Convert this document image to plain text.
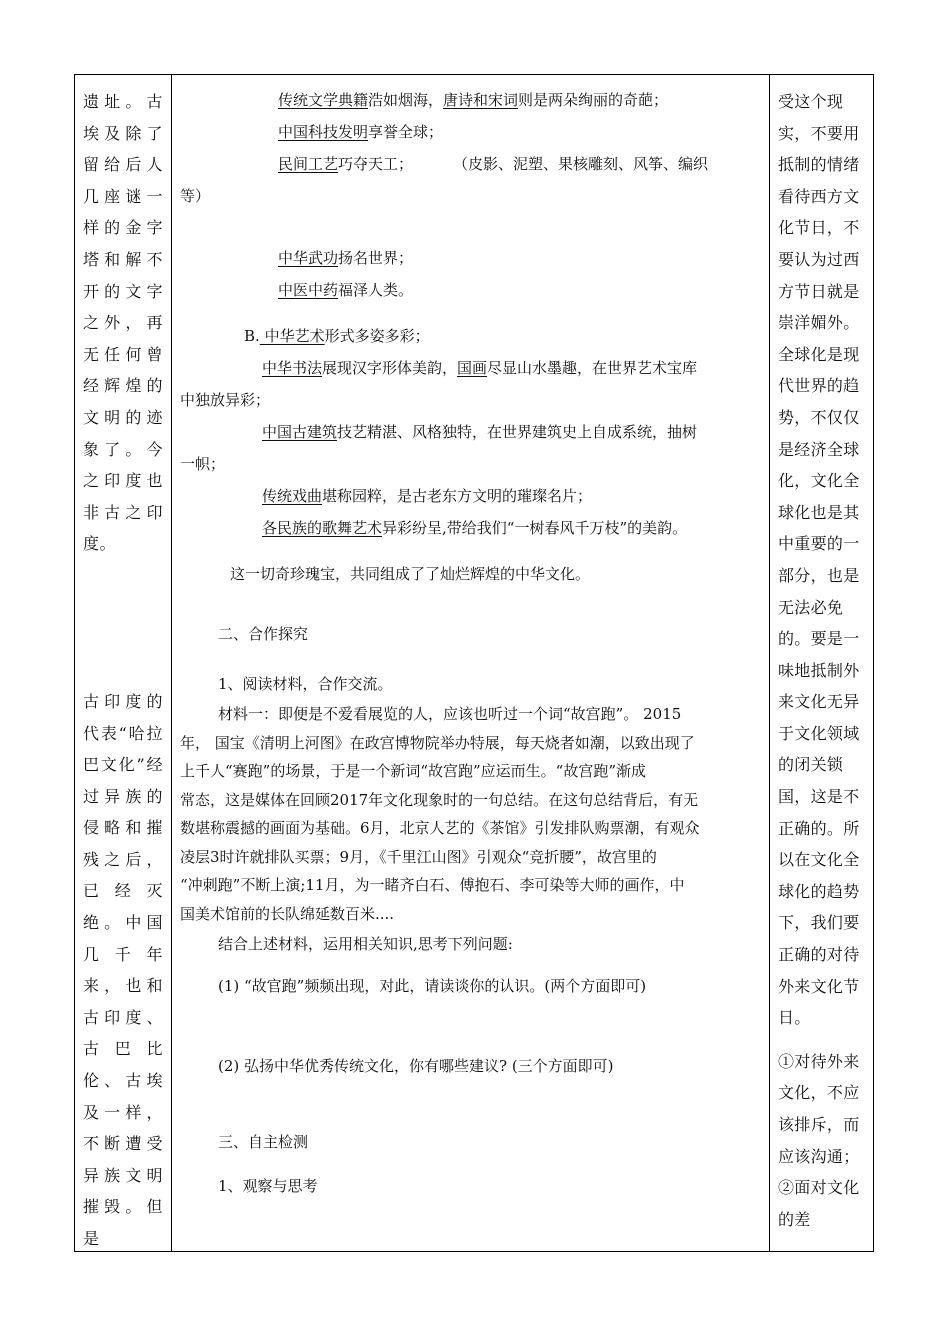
遗址。古埃及除了留给后人几座谜一样的金字塔和解不开的文字之外，再无任何曾经辉煌的文明的迹象了。今之印度也非古之印度。

古印度的代表“哈拉巴文化”经过异族的侵略和摧残之后，已经灭绝。中国几千年来，也和古印度、古巴比伦、古埃及一样，不断遭受异族文明摧毁。但是

传统文学典籍浩如烟海，唐诗和宋词则是两朵绚丽的奇葩；

中国科技发明享誉全球；

民间工艺巧夺天工；	（皮影、泥塑、果核雕刻、风筝、编织

等）

中华武功扬名世界；

中医中药福泽人类。

B. 中华艺术形式多姿多彩；

中华书法展现汉字形体美韵，国画尽显山水墨趣，在世界艺术宝库

中独放异彩；

中国古建筑技艺精湛、风格独特，在世界建筑史上自成系统，抽树

一帜；

传统戏曲堪称园粹，是古老东方文明的璀璨名片；

各民族的歌舞艺术异彩纷呈,带给我们“一树春风千万枝”的美韵。

这一切奇珍瑰宝，共同组成了了灿烂辉煌的中华文化。

二、合作探究

1、阅读材料，合作交流。

材料一：即便是不爱看展览的人，应该也听过一个词“故宫跑”。 2015

年， 国宝《清明上河图》在政宫博物院举办特展，每天烧者如潮，以致出现了

上千人“赛跑”的场景，于是一个新词“故宫跑”应运而生。“故宫跑”渐成

常态，这是媒体在回顾2017年文化现象时的一句总结。在这句总结背后，有无

数堪称震撼的画面为基础。6月，北京人艺的《茶馆》引发排队购票潮，有观众

凌层3时许就排队买票；9月，《千里江山图》引观众“竞折腰”，故宫里的

“冲刺跑”不断上演;11月，为一睹齐白石、傅抱石、李可染等大师的画作，中

国美术馆前的长队绵延数百米....

结合上述材料，运用相关知识,思考下列问题:

(1) “故官跑”频频出现，对此，请读谈你的认识。(两个方面即可)

(2) 弘扬中华优秀传统文化，你有哪些建议? (三个方面即可)

三、自主检测

1、观察与思考

受这个现实，不要用抵制的情绪看待西方文化节日，不要认为过西方节日就是崇洋媚外。全球化是现代世界的趋势，不仅仅是经济全球化，文化全球化也是其中重要的一部分，也是无法必免的。要是一味地抵制外来文化无异于文化领域的闭关锁国，这是不正确的。所以在文化全球化的趋势下，我们要正确的对待外来文化节日。

①对待外来文化，不应该排斥，而应该沟通；②面对文化的差
